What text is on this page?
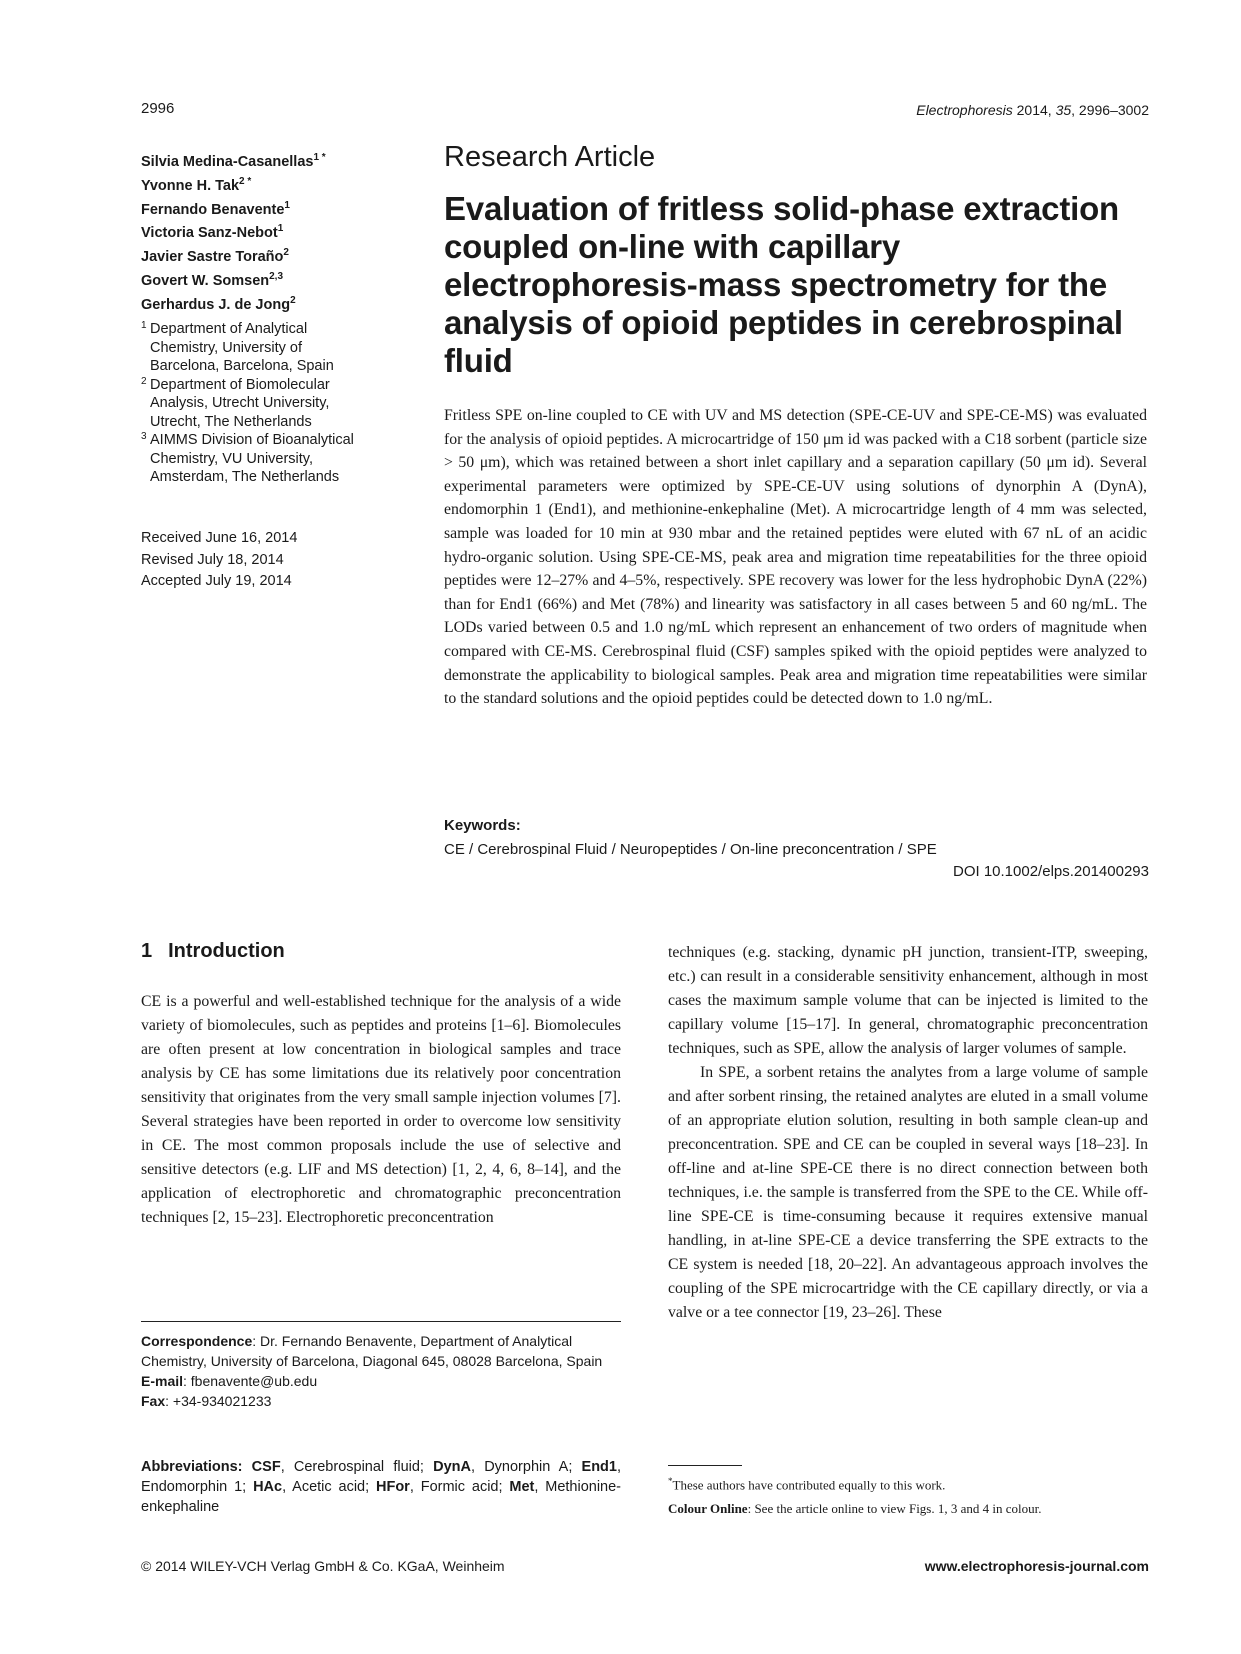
2996	Electrophoresis 2014, 35, 2996–3002
Silvia Medina-Casanellas$^{1 *}$
Yvonne H. Tak$^{2 *}$
Fernando Benavente$^1$
Victoria Sanz-Nebot$^1$
Javier Sastre Toraño$^2$
Govert W. Somsen$^{2,3}$
Gerhardus J. de Jong$^2$
1 Department of Analytical
Chemistry, University of
Barcelona, Barcelona, Spain
2 Department of Biomolecular
Analysis, Utrecht University,
Utrecht, The Netherlands
3 AIMMS Division of Bioanalytical
Chemistry, VU University,
Amsterdam, The Netherlands
Received June 16, 2014
Revised July 18, 2014
Accepted July 19, 2014
Research Article
Evaluation of fritless solid-phase extraction
coupled on-line with capillary
electrophoresis-mass spectrometry for the
analysis of opioid peptides in cerebrospinal
fluid
Fritless SPE on-line coupled to CE with UV and MS detection (SPE-CE-UV and SPE-CE-MS) was evaluated for the analysis of opioid peptides. A microcartridge of 150 μm id was packed with a C18 sorbent (particle size > 50 μm), which was retained between a short inlet capillary and a separation capillary (50 μm id). Several experimental parameters were optimized by SPE-CE-UV using solutions of dynorphin A (DynA), endomorphin 1 (End1), and methionine-enkephaline (Met). A microcartridge length of 4 mm was selected, sample was loaded for 10 min at 930 mbar and the retained peptides were eluted with 67 nL of an acidic hydro-organic solution. Using SPE-CE-MS, peak area and migration time repeatabilities for the three opioid peptides were 12–27% and 4–5%, respectively. SPE recovery was lower for the less hydrophobic DynA (22%) than for End1 (66%) and Met (78%) and linearity was satisfactory in all cases between 5 and 60 ng/mL. The LODs varied between 0.5 and 1.0 ng/mL which represent an enhancement of two orders of magnitude when compared with CE-MS. Cerebrospinal fluid (CSF) samples spiked with the opioid peptides were analyzed to demonstrate the applicability to biological samples. Peak area and migration time repeatabilities were similar to the standard solutions and the opioid peptides could be detected down to 1.0 ng/mL.
Keywords:
CE / Cerebrospinal Fluid / Neuropeptides / On-line preconcentration / SPE
DOI 10.1002/elps.201400293
1 Introduction
CE is a powerful and well-established technique for the analysis of a wide variety of biomolecules, such as peptides and proteins [1–6]. Biomolecules are often present at low concentration in biological samples and trace analysis by CE has some limitations due its relatively poor concentration sensitivity that originates from the very small sample injection volumes [7]. Several strategies have been reported in order to overcome low sensitivity in CE. The most common proposals include the use of selective and sensitive detectors (e.g. LIF and MS detection) [1, 2, 4, 6, 8–14], and the application of electrophoretic and chromatographic preconcentration techniques [2, 15–23]. Electrophoretic preconcentration

techniques (e.g. stacking, dynamic pH junction, transient-ITP, sweeping, etc.) can result in a considerable sensitivity enhancement, although in most cases the maximum sample volume that can be injected is limited to the capillary volume [15–17]. In general, chromatographic preconcentration techniques, such as SPE, allow the analysis of larger volumes of sample.

In SPE, a sorbent retains the analytes from a large volume of sample and after sorbent rinsing, the retained analytes are eluted in a small volume of an appropriate elution solution, resulting in both sample clean-up and preconcentration. SPE and CE can be coupled in several ways [18–23]. In off-line and at-line SPE-CE there is no direct connection between both techniques, i.e. the sample is transferred from the SPE to the CE. While off-line SPE-CE is time-consuming because it requires extensive manual handling, in at-line SPE-CE a device transferring the SPE extracts to the CE system is needed [18, 20–22]. An advantageous approach involves the coupling of the SPE microcartridge with the CE capillary directly, or via a valve or a tee connector [19, 23–26]. These

Correspondence: Dr. Fernando Benavente, Department of Analytical Chemistry, University of Barcelona, Diagonal 645, 08028 Barcelona, Spain
E-mail: fbenavente@ub.edu
Fax: +34-934021233
Abbreviations: CSF, Cerebrospinal fluid; DynA, Dynorphin A; End1, Endomorphin 1; HAc, Acetic acid; HFor, Formic acid; Met, Methionine-enkephaline
*These authors have contributed equally to this work.
Colour Online: See the article online to view Figs. 1, 3 and 4 in colour.
© 2014 WILEY-VCH Verlag GmbH & Co. KGaA, Weinheim	www.electrophoresis-journal.com
